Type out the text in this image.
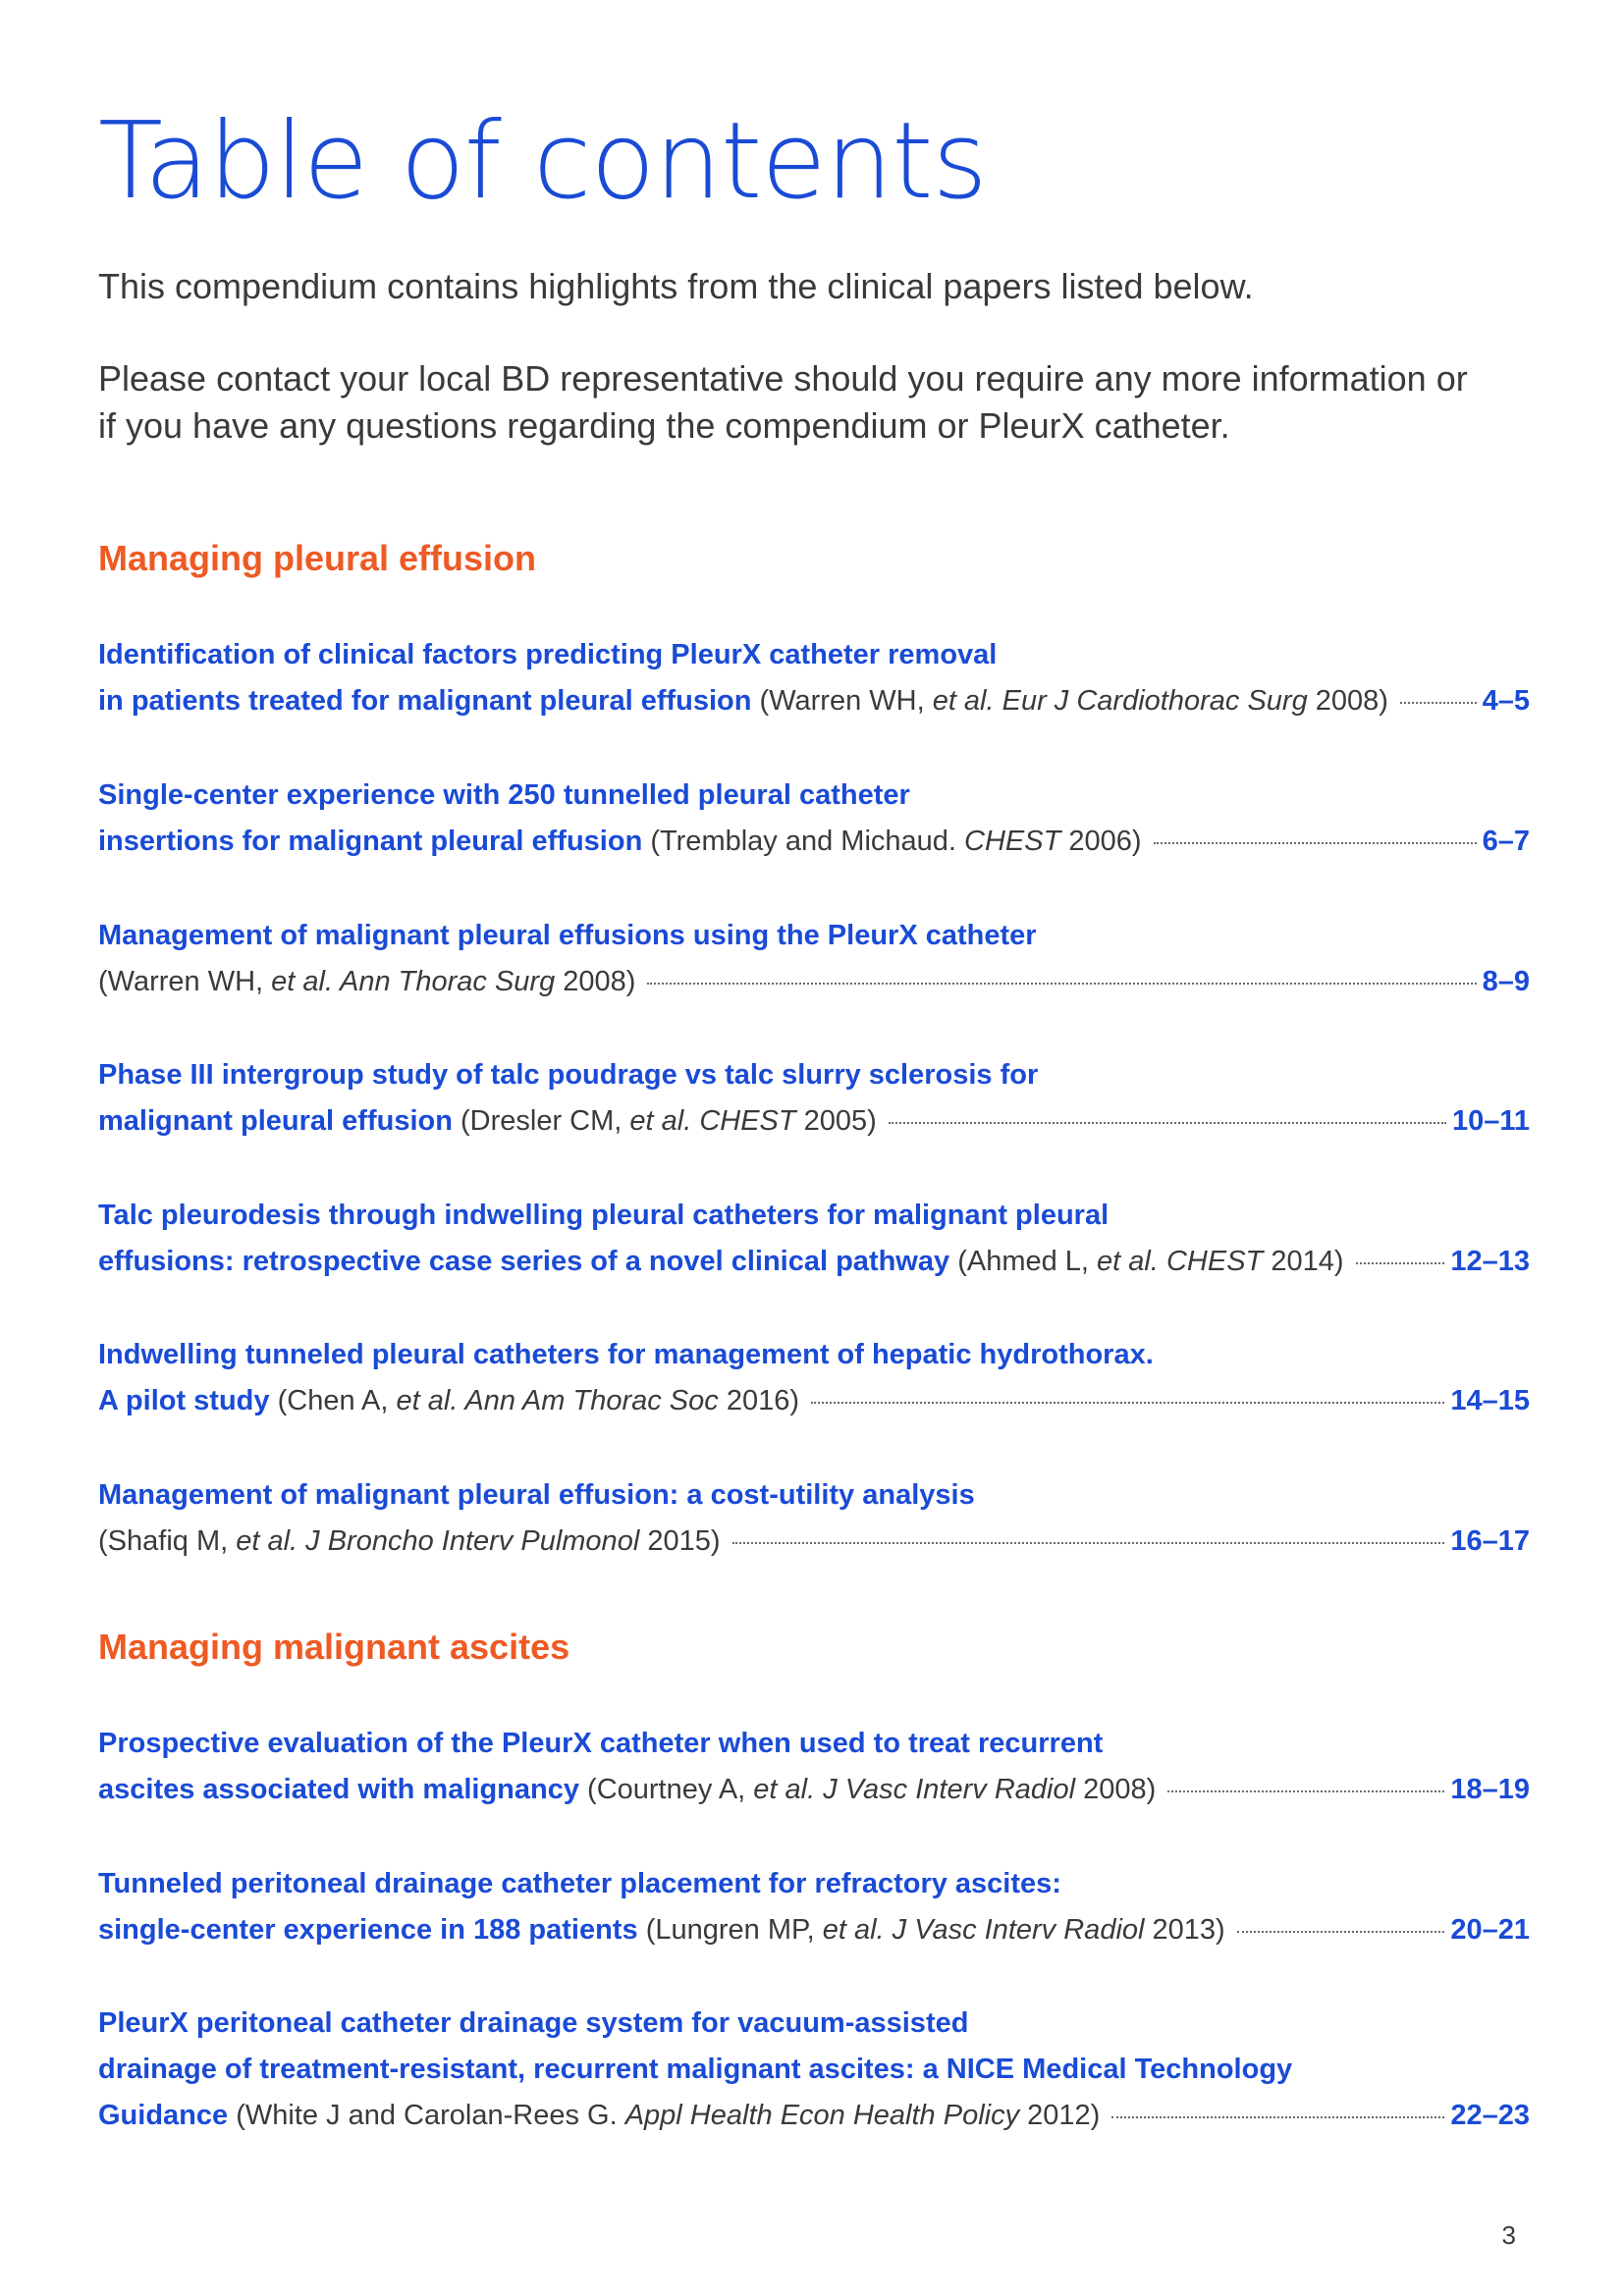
Table of contents

This compendium contains highlights from the clinical papers listed below.

Please contact your local BD representative should you require any more information or if you have any questions regarding the compendium or PleurX catheter.

Managing pleural effusion
Identification of clinical factors predicting PleurX catheter removal
in patients treated for malignant pleural effusion (Warren WH, et al. Eur J Cardiothorac Surg 2008)	4–5
Single-center experience with 250 tunnelled pleural catheter
insertions for malignant pleural effusion (Tremblay and Michaud. CHEST 2006)	6–7
Management of malignant pleural effusions using the PleurX catheter
(Warren WH, et al. Ann Thorac Surg 2008)	8–9
Phase III intergroup study of talc poudrage vs talc slurry sclerosis for
malignant pleural effusion (Dresler CM, et al. CHEST 2005)	10–11
Talc pleurodesis through indwelling pleural catheters for malignant pleural
effusions: retrospective case series of a novel clinical pathway (Ahmed L, et al. CHEST 2014)	12–13
Indwelling tunneled pleural catheters for management of hepatic hydrothorax.
A pilot study (Chen A, et al. Ann Am Thorac Soc 2016)	14–15
Management of malignant pleural effusion: a cost-utility analysis
(Shafiq M, et al. J Broncho Interv Pulmonol 2015)	16–17
Managing malignant ascites
Prospective evaluation of the PleurX catheter when used to treat recurrent
ascites associated with malignancy (Courtney A, et al. J Vasc Interv Radiol 2008)	18–19
Tunneled peritoneal drainage catheter placement for refractory ascites:
single-center experience in 188 patients (Lungren MP, et al. J Vasc Interv Radiol 2013)	20–21
PleurX peritoneal catheter drainage system for vacuum-assisted
drainage of treatment-resistant, recurrent malignant ascites: a NICE Medical Technology
Guidance (White J and Carolan-Rees G. Appl Health Econ Health Policy 2012)	22–23
3
